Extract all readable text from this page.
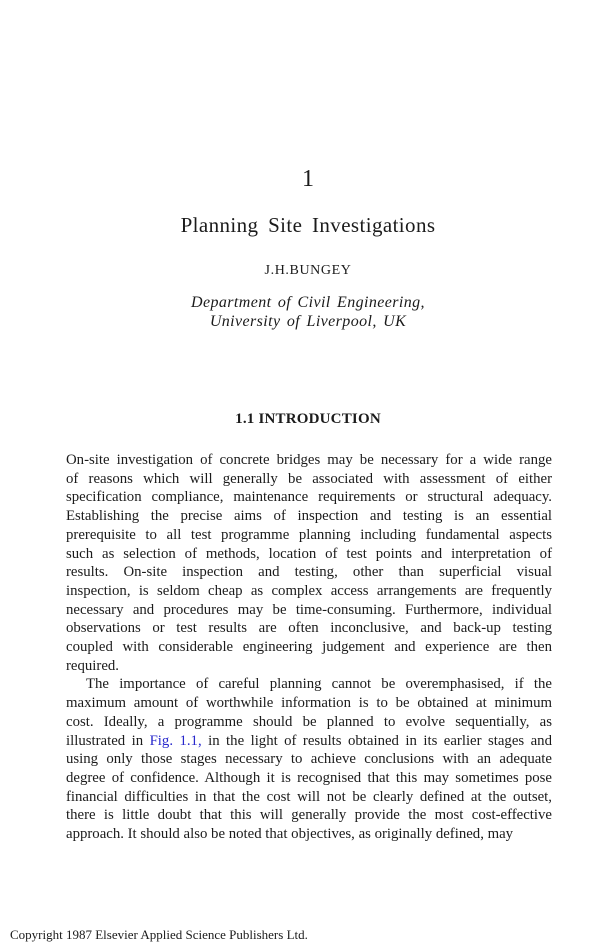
1
Planning Site Investigations
J.H.BUNGEY
Department of Civil Engineering,
University of Liverpool, UK
1.1 INTRODUCTION
On-site investigation of concrete bridges may be necessary for a wide range
of reasons which will generally be associated with assessment of either
specification compliance, maintenance requirements or structural adequacy.
Establishing the precise aims of inspection and testing is an essential
prerequisite to all test programme planning including fundamental aspects
such as selection of methods, location of test points and interpretation of
results. On-site inspection and testing, other than superficial visual
inspection, is seldom cheap as complex access arrangements are frequently
necessary and procedures may be time-consuming. Furthermore, individual
observations or test results are often inconclusive, and back-up testing
coupled with considerable engineering judgement and experience are then
required.
The importance of careful planning cannot be overemphasised, if the
maximum amount of worthwhile information is to be obtained at minimum
cost. Ideally, a programme should be planned to evolve sequentially, as
illustrated in Fig. 1.1, in the light of results obtained in its earlier stages and
using only those stages necessary to achieve conclusions with an adequate
degree of confidence. Although it is recognised that this may sometimes pose
financial difficulties in that the cost will not be clearly defined at the outset,
there is little doubt that this will generally provide the most cost-effective
approach. It should also be noted that objectives, as originally defined, may
Copyright 1987 Elsevier Applied Science Publishers Ltd.
